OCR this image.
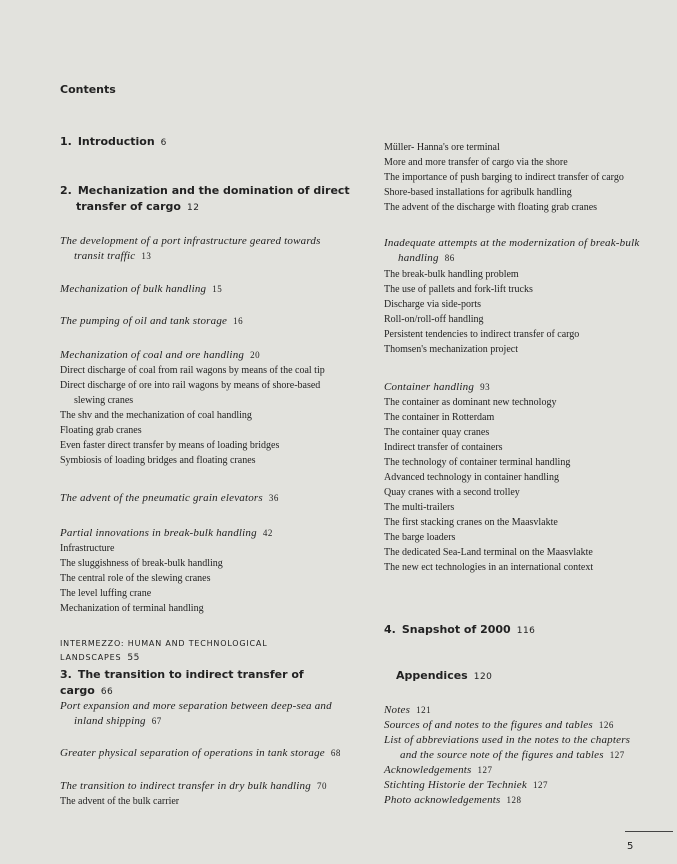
Contents
1. Introduction 6
2. Mechanization and the domination of direct
transfer of cargo 12
The development of a port infrastructure geared towards
transit traffic 13
Mechanization of bulk handling 15
The pumping of oil and tank storage 16
Mechanization of coal and ore handling 20
Direct discharge of coal from rail wagons by means of the coal tip
Direct discharge of ore into rail wagons by means of shore-based
slewing cranes
The shv and the mechanization of coal handling
Floating grab cranes
Even faster direct transfer by means of loading bridges
Symbiosis of loading bridges and floating cranes
The advent of the pneumatic grain elevators 36
Partial innovations in break-bulk handling 42
Infrastructure
The sluggishness of break-bulk handling
The central role of the slewing cranes
The level luffing crane
Mechanization of terminal handling
INTERMEZZO: HUMAN AND TECHNOLOGICAL LANDSCAPES 55
3. The transition to indirect transfer of cargo 66
Port expansion and more separation between deep-sea and
inland shipping 67
Greater physical separation of operations in tank storage 68
The transition to indirect transfer in dry bulk handling 70
The advent of the bulk carrier
Müller- Hanna's ore terminal
More and more transfer of cargo via the shore
The importance of push barging to indirect transfer of cargo
Shore-based installations for agribulk handling
The advent of the discharge with floating grab cranes
Inadequate attempts at the modernization of break-bulk
handling 86
The break-bulk handling problem
The use of pallets and fork-lift trucks
Discharge via side-ports
Roll-on/roll-off handling
Persistent tendencies to indirect transfer of cargo
Thomsen's mechanization project
Container handling 93
The container as dominant new technology
The container in Rotterdam
The container quay cranes
Indirect transfer of containers
The technology of container terminal handling
Advanced technology in container handling
Quay cranes with a second trolley
The multi-trailers
The first stacking cranes on the Maasvlakte
The barge loaders
The dedicated Sea-Land terminal on the Maasvlakte
The new ect technologies in an international context
4. Snapshot of 2000 116
Appendices 120
Notes 121
Sources of and notes to the figures and tables 126
List of abbreviations used in the notes to the chapters
and the source note of the figures and tables 127
Acknowledgements 127
Stichting Historie der Techniek 127
Photo acknowledgements 128
5
